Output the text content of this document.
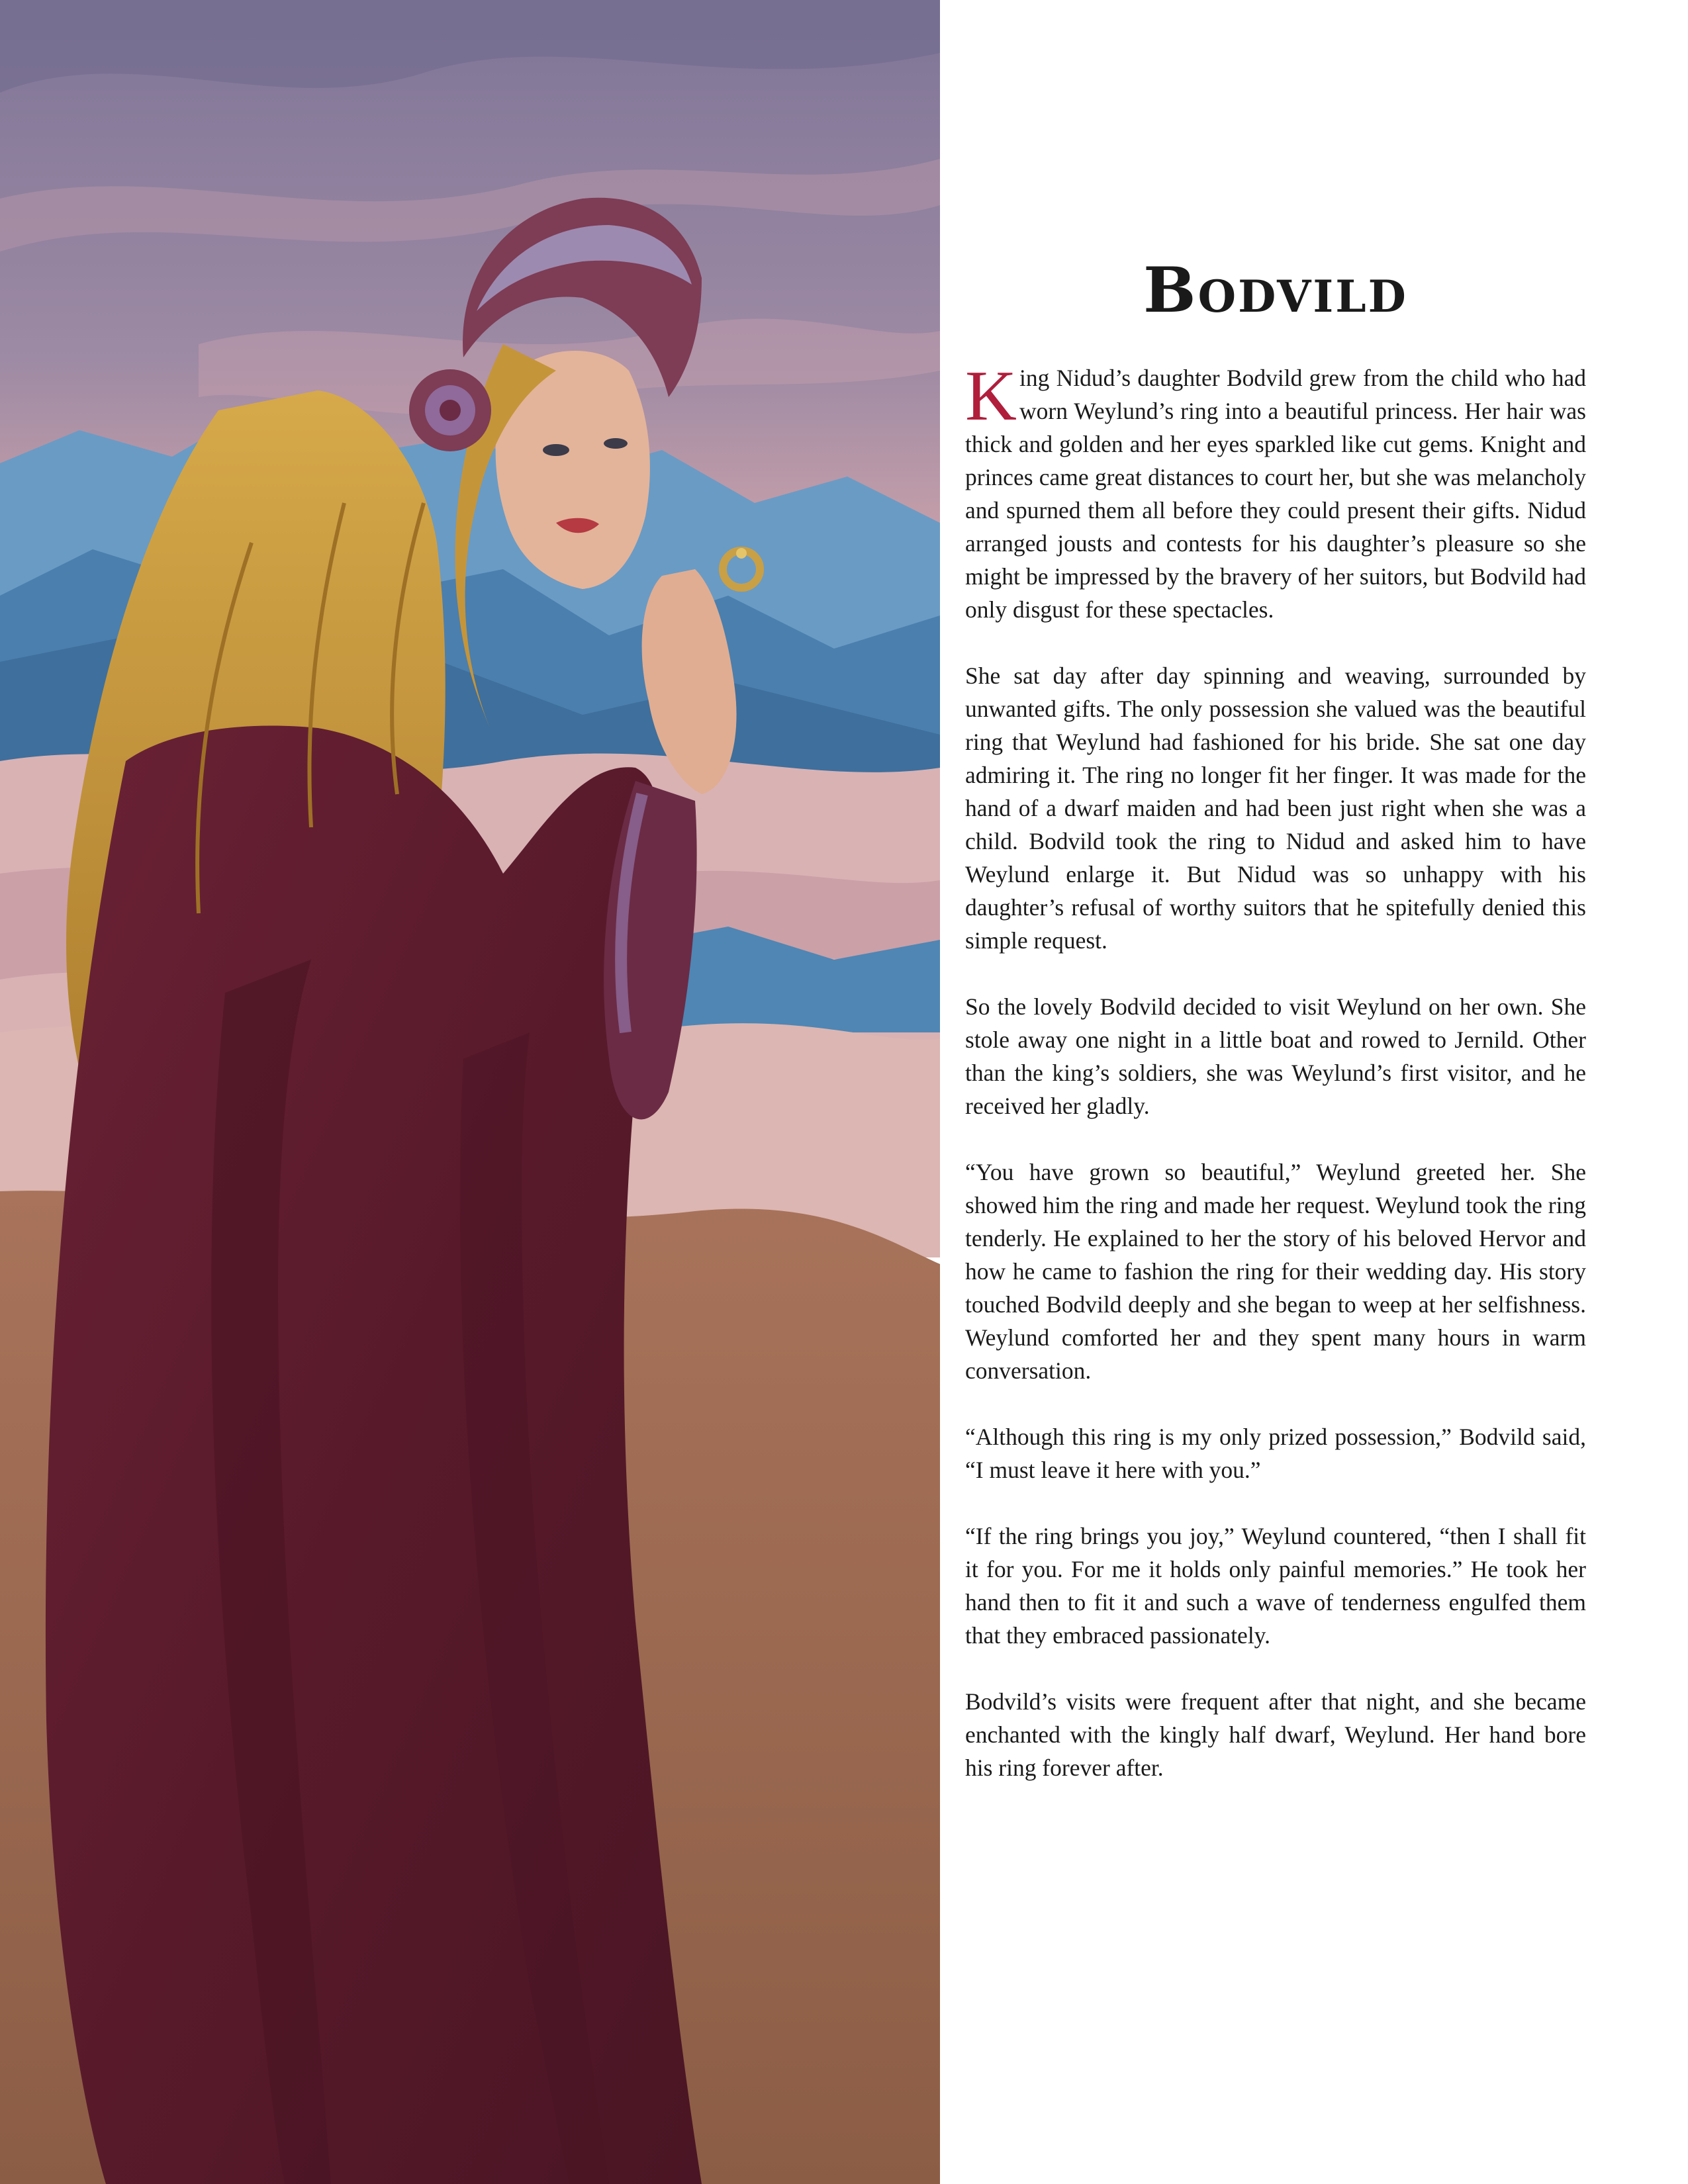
Bodvild

King Nidud’s daughter Bodvild grew from the child who had worn Weylund’s ring into a beautiful princess. Her hair was thick and golden and her eyes sparkled like cut gems. Knight and princes came great distances to court her, but she was melancholy and spurned them all before they could present their gifts. Nidud arranged jousts and contests for his daughter’s pleasure so she might be impressed by the bravery of her suitors, but Bodvild had only disgust for these spectacles.

She sat day after day spinning and weaving, surrounded by unwanted gifts. The only possession she valued was the beautiful ring that Weylund had fashioned for his bride. She sat one day admiring it. The ring no longer fit her finger. It was made for the hand of a dwarf maiden and had been just right when she was a child. Bodvild took the ring to Nidud and asked him to have Weylund enlarge it. But Nidud was so unhappy with his daughter’s refusal of worthy suitors that he spitefully denied this simple request.

So the lovely Bodvild decided to visit Weylund on her own. She stole away one night in a little boat and rowed to Jernild. Other than the king’s soldiers, she was Weylund’s first visitor, and he received her gladly.

“You have grown so beautiful,” Weylund greeted her. She showed him the ring and made her request. Weylund took the ring tenderly. He explained to her the story of his beloved Hervor and how he came to fashion the ring for their wedding day. His story touched Bodvild deeply and she began to weep at her selfishness. Weylund comforted her and they spent many hours in warm conversation.

“Although this ring is my only prized possession,” Bodvild said, “I must leave it here with you.”

“If the ring brings you joy,” Weylund countered, “then I shall fit it for you. For me it holds only painful memories.” He took her hand then to fit it and such a wave of tenderness engulfed them that they embraced passionately.

Bodvild’s visits were frequent after that night, and she became enchanted with the kingly half dwarf, Weylund. Her hand bore his ring forever after.
